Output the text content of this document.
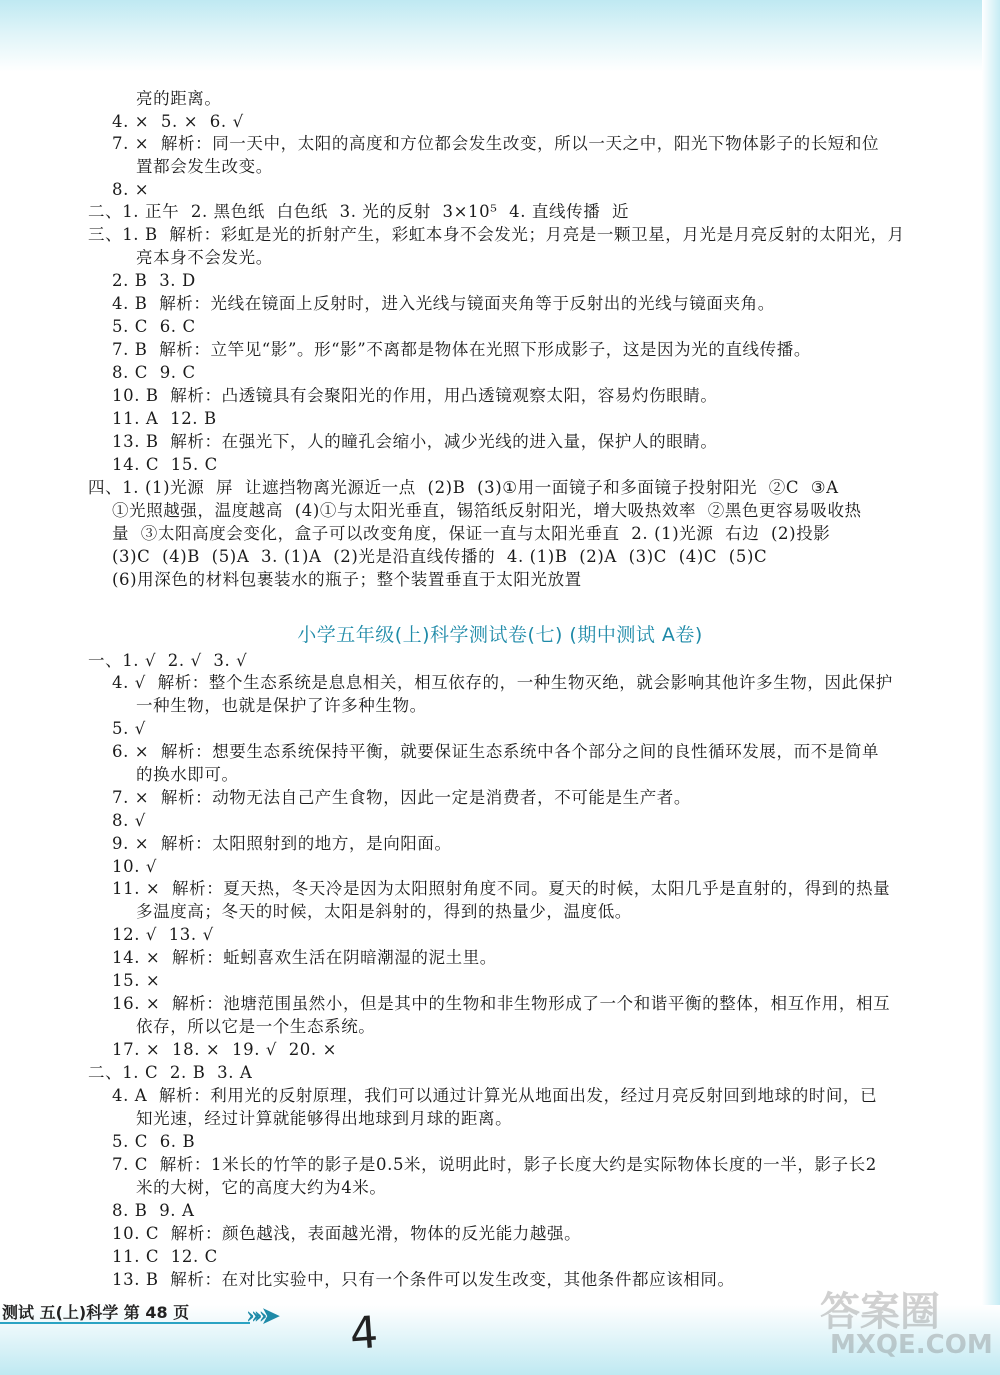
亮的距离。
4. ×  5. ×  6. √
7. ×  解析：同一天中，太阳的高度和方位都会发生改变，所以一天之中，阳光下物体影子的长短和位
置都会发生改变。
8. ×
二、1. 正午  2. 黑色纸  白色纸  3. 光的反射  3×10⁵  4. 直线传播  近
三、1. B  解析：彩虹是光的折射产生，彩虹本身不会发光；月亮是一颗卫星，月光是月亮反射的太阳光，月
亮本身不会发光。
2. B  3. D
4. B  解析：光线在镜面上反射时，进入光线与镜面夹角等于反射出的光线与镜面夹角。
5. C  6. C
7. B  解析：立竿见“影”。形“影”不离都是物体在光照下形成影子，这是因为光的直线传播。
8. C  9. C
10. B  解析：凸透镜具有会聚阳光的作用，用凸透镜观察太阳，容易灼伤眼睛。
11. A  12. B
13. B  解析：在强光下，人的瞳孔会缩小，减少光线的进入量，保护人的眼睛。
14. C  15. C
四、1. (1)光源  屏  让遮挡物离光源近一点  (2)B  (3)①用一面镜子和多面镜子投射阳光  ②C  ③A
①光照越强，温度越高  (4)①与太阳光垂直，锡箔纸反射阳光，增大吸热效率  ②黑色更容易吸收热
量  ③太阳高度会变化，盒子可以改变角度，保证一直与太阳光垂直  2. (1)光源  右边  (2)投影
(3)C  (4)B  (5)A  3. (1)A  (2)光是沿直线传播的  4. (1)B  (2)A  (3)C  (4)C  (5)C
(6)用深色的材料包裹装水的瓶子；整个装置垂直于太阳光放置
小学五年级(上)科学测试卷(七) (期中测试 A卷)
一、1. √  2. √  3. √
4. √  解析：整个生态系统是息息相关，相互依存的，一种生物灭绝，就会影响其他许多生物，因此保护
一种生物，也就是保护了许多种生物。
5. √
6. ×  解析：想要生态系统保持平衡，就要保证生态系统中各个部分之间的良性循环发展，而不是简单
的换水即可。
7. ×  解析：动物无法自己产生食物，因此一定是消费者，不可能是生产者。
8. √
9. ×  解析：太阳照射到的地方，是向阳面。
10. √
11. ×  解析：夏天热，冬天冷是因为太阳照射角度不同。夏天的时候，太阳几乎是直射的，得到的热量
多温度高；冬天的时候，太阳是斜射的，得到的热量少，温度低。
12. √  13. √
14. ×  解析：蚯蚓喜欢生活在阴暗潮湿的泥土里。
15. ×
16. ×  解析：池塘范围虽然小，但是其中的生物和非生物形成了一个和谐平衡的整体，相互作用，相互
依存，所以它是一个生态系统。
17. ×  18. ×  19. √  20. ×
二、1. C  2. B  3. A
4. A  解析：利用光的反射原理，我们可以通过计算光从地面出发，经过月亮反射回到地球的时间，已
知光速，经过计算就能够得出地球到月球的距离。
5. C  6. B
7. C  解析：1米长的竹竿的影子是0.5米，说明此时，影子长度大约是实际物体长度的一半，影子长2
米的大树，它的高度大约为4米。
8. B  9. A
10. C  解析：颜色越浅，表面越光滑，物体的反光能力越强。
11. C  12. C
13. B  解析：在对比实验中，只有一个条件可以发生改变，其他条件都应该相同。
测试 五(上)科学 第 48 页	»»➤ 4	答案圈
MXQE.COM
